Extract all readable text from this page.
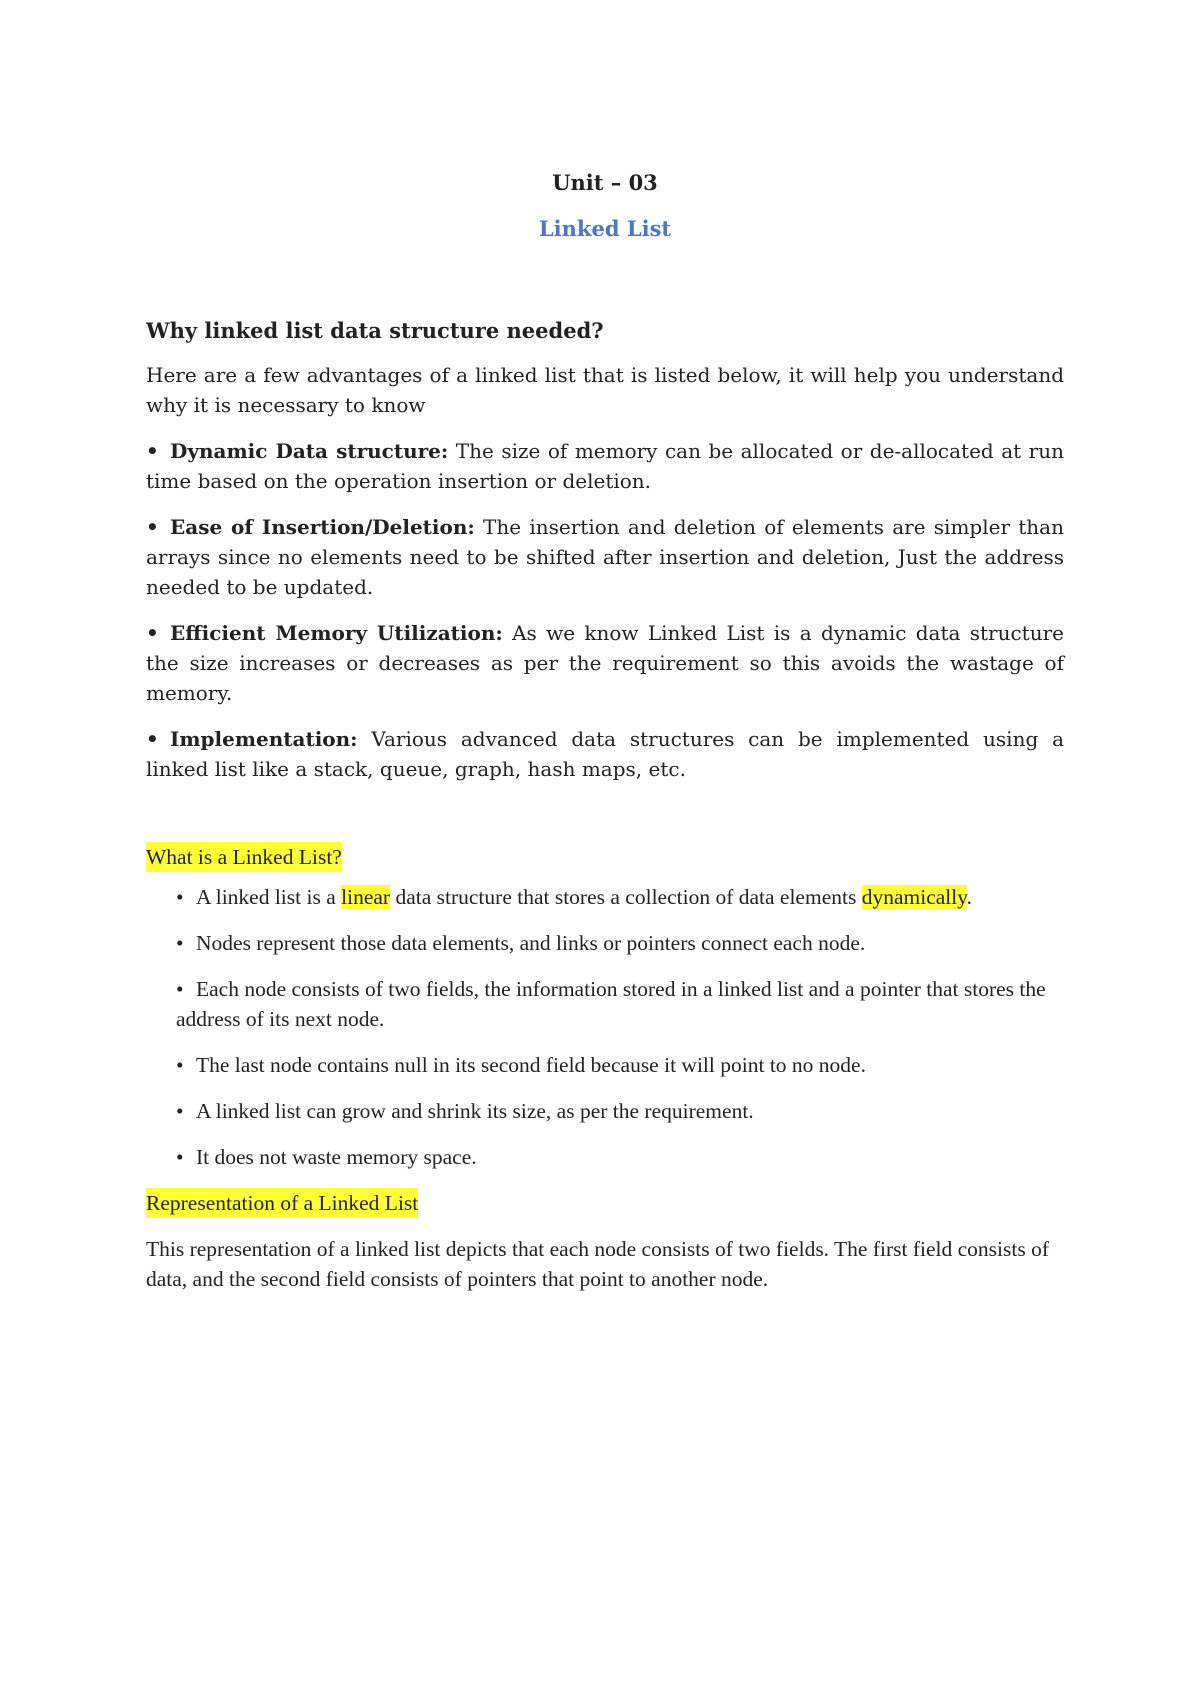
Unit – 03
Linked List
Why linked list data structure needed?

Here are a few advantages of a linked list that is listed below, it will help you understand why it is necessary to know

• Dynamic Data structure: The size of memory can be allocated or de-allocated at run time based on the operation insertion or deletion.

• Ease of Insertion/Deletion: The insertion and deletion of elements are simpler than arrays since no elements need to be shifted after insertion and deletion, Just the address needed to be updated.

• Efficient Memory Utilization: As we know Linked List is a dynamic data structure the size increases or decreases as per the requirement so this avoids the wastage of memory.

• Implementation: Various advanced data structures can be implemented using a linked list like a stack, queue, graph, hash maps, etc.

What is a Linked List?
• A linked list is a linear data structure that stores a collection of data elements dynamically.
• Nodes represent those data elements, and links or pointers connect each node.
• Each node consists of two fields, the information stored in a linked list and a pointer that stores the address of its next node.
• The last node contains null in its second field because it will point to no node.
• A linked list can grow and shrink its size, as per the requirement.
• It does not waste memory space.
Representation of a Linked List

This representation of a linked list depicts that each node consists of two fields. The first field consists of data, and the second field consists of pointers that point to another node.
